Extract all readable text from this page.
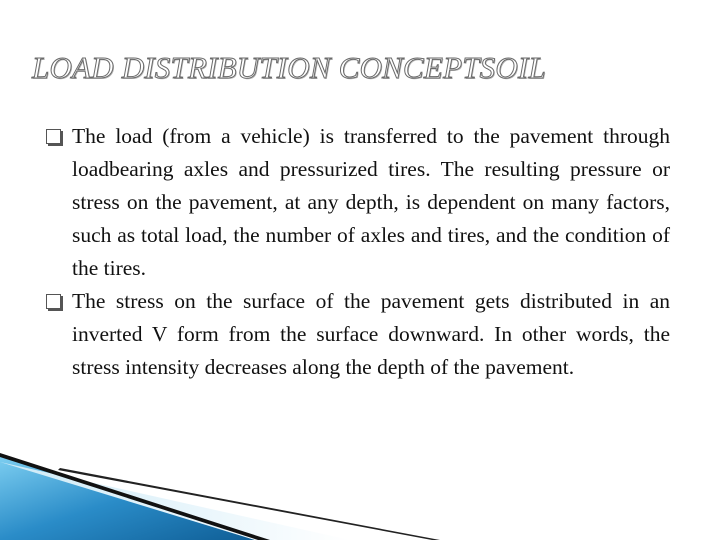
LOAD DISTRIBUTION CONCEPTSOIL
The load (from a vehicle) is transferred to the pavement through loadbearing axles and pressurized tires. The resulting pressure or stress on the pavement, at any depth, is dependent on many factors, such as total load, the number of axles and tires, and the condition of the tires.
The stress on the surface of the pavement gets distributed in an inverted V form from the surface downward. In other words, the stress intensity decreases along the depth of the pavement.
